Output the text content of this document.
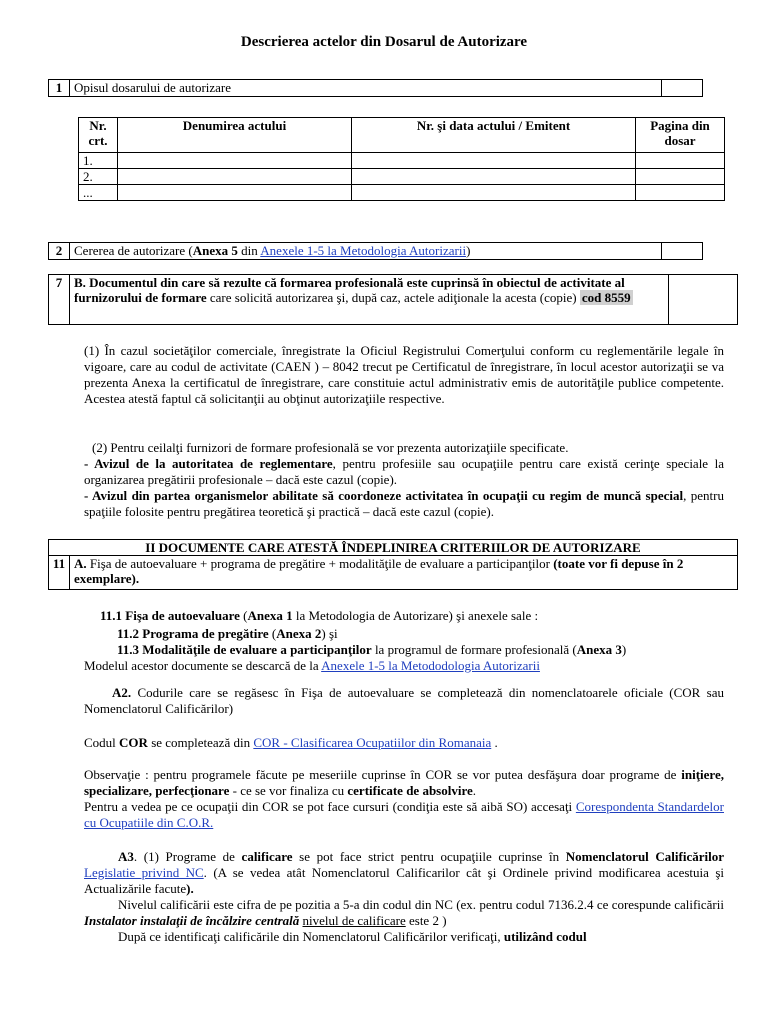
Descrierea actelor din Dosarul de Autorizare
1	Opisul dosarului de autorizare	
Nr. crt.	Denumirea actului	Nr. şi data actului / Emitent	Pagina din dosar
1.			
2.			
...			
2	Cererea de autorizare (Anexa 5 din Anexele 1-5 la Metodologia Autorizarii)	
7	B. Documentul din care să rezulte că formarea profesională este cuprinsă în obiectul de activitate al furnizorului de formare care solicită autorizarea şi, după caz, actele adiţionale la acesta (copie) cod 8559	
(1) În cazul societăţilor comerciale, înregistrate la Oficiul Registrului Comerţului conform cu reglementările legale în vigoare, care au codul de activitate (CAEN ) – 8042 trecut pe Certificatul de înregistrare, în locul acestor autorizaţii se va prezenta Anexa la certificatul de înregistrare, care constituie actul administrativ emis de autorităţile publice competente. Acestea atestă faptul că solicitanţii au obţinut autorizaţiile respective.

(2) Pentru ceilalţi furnizori de formare profesională se vor prezenta autorizaţiile specificate.

- Avizul de la autoritatea de reglementare, pentru profesiile sau ocupaţiile pentru care există cerinţe speciale la organizarea pregătirii profesionale – dacă este cazul (copie).

- Avizul din partea organismelor abilitate să coordoneze activitatea în ocupaţii cu regim de muncă special, pentru spaţiile folosite pentru pregătirea teoretică şi practică – dacă este cazul (copie).

II DOCUMENTE CARE ATESTĂ ÎNDEPLINIREA CRITERIILOR DE AUTORIZARE
11	A. Fişa de autoevaluare + programa de pregătire + modalităţile de evaluare a participanţilor (toate vor fi depuse în 2 exemplare).
11.1 Fişa de autoevaluare (Anexa 1 la Metodologia de Autorizare) şi anexele sale :
11.2 Programa de pregătire (Anexa 2) şi
11.3 Modalităţile de evaluare a participanţilor la programul de formare profesională (Anexa 3)
Modelul acestor documente se descarcă de la Anexele 1-5 la Metododologia Autorizarii
A2. Codurile care se regăsesc în Fişa de autoevaluare se completează din nomenclatoarele oficiale (COR sau Nomenclatorul Calificărilor)
Codul COR se completează din COR - Clasificarea Ocupatiilor din Romanaia .

Observaţie : pentru programele făcute pe meseriile cuprinse în COR se vor putea desfăşura doar programe de iniţiere, specializare, perfecţionare - ce se vor finaliza cu certificate de absolvire.

Pentru a vedea pe ce ocupaţii din COR se pot face cursuri (condiţia este să aibă SO) accesaţi Corespondenta Standardelor cu Ocupatiile din C.O.R.

A3. (1) Programe de calificare se pot face strict pentru ocupaţiile cuprinse în Nomenclatorul Calificărilor Legislatie privind NC. (A se vedea atât Nomenclatorul Calificarilor cât şi Ordinele privind modificarea acestuia şi Actualizările facute).

Nivelul calificării este cifra de pe pozitia a 5-a din codul din NC (ex. pentru codul 7136.2.4 ce corespunde calificării Instalator instalaţii de încălzire centrală nivelul de calificare este 2 )

După ce identificaţi calificările din Nomenclatorul Calificărilor verificaţi, utilizând codul
